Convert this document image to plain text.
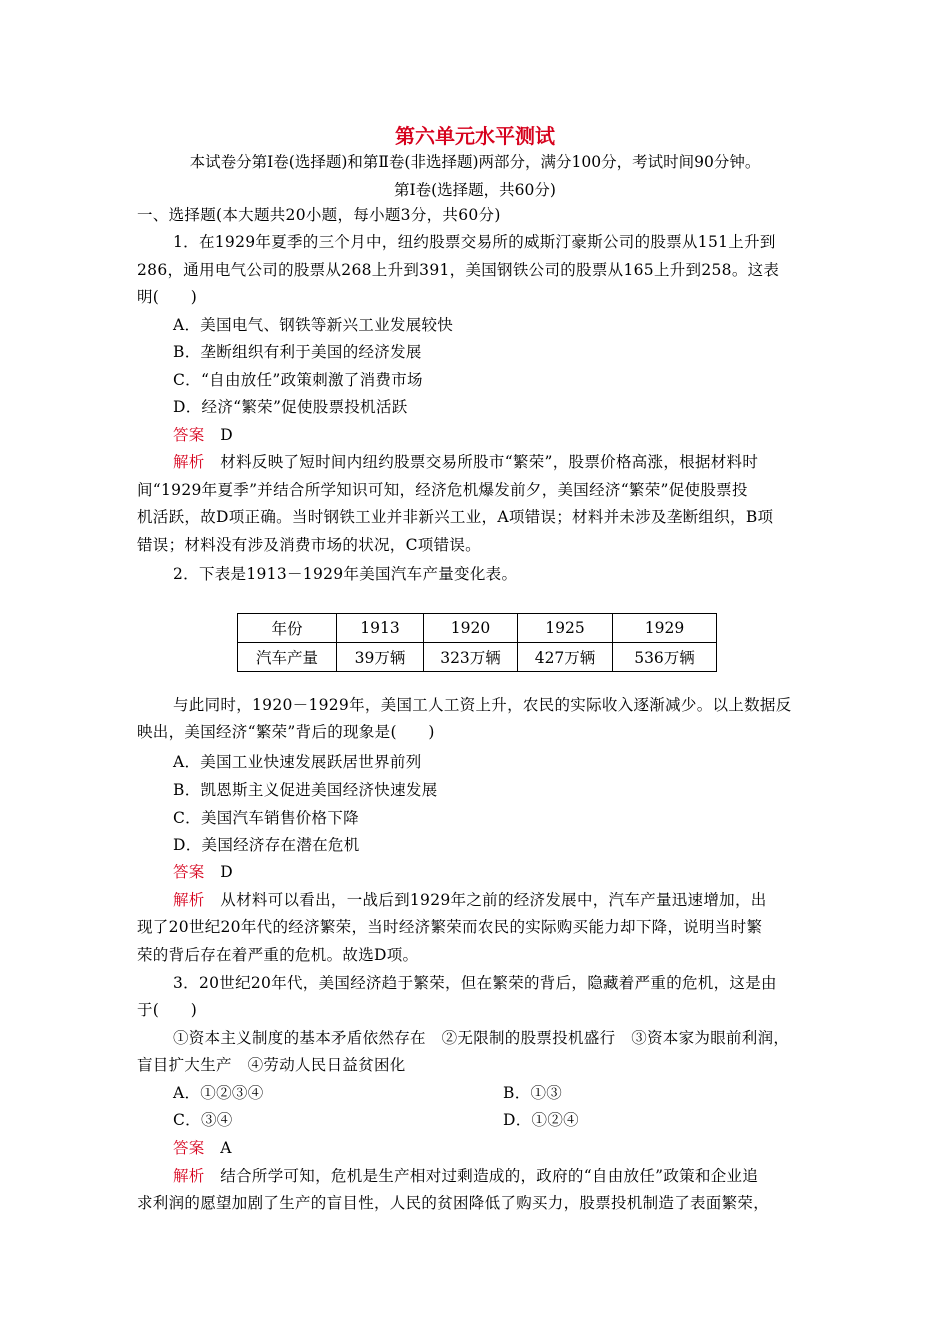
第六单元水平测试
本试卷分第Ⅰ卷(选择题)和第Ⅱ卷(非选择题)两部分，满分100分，考试时间90分钟。
第Ⅰ卷(选择题，共60分)
一、选择题(本大题共20小题，每小题3分，共60分)
1．在1929年夏季的三个月中，纽约股票交易所的威斯汀豪斯公司的股票从151上升到
286，通用电气公司的股票从268上升到391，美国钢铁公司的股票从165上升到258。这表
明(　　)
A．美国电气、钢铁等新兴工业发展较快
B．垄断组织有利于美国的经济发展
C．“自由放任”政策刺激了消费市场
D．经济“繁荣”促使股票投机活跃
答案 D
解析 材料反映了短时间内纽约股票交易所股市“繁荣”，股票价格高涨，根据材料时
间“1929年夏季”并结合所学知识可知，经济危机爆发前夕，美国经济“繁荣”促使股票投
机活跃，故D项正确。当时钢铁工业并非新兴工业，A项错误；材料并未涉及垄断组织，B项
错误；材料没有涉及消费市场的状况，C项错误。
2．下表是1913－1929年美国汽车产量变化表。
年份	1913	1920	1925	1929
汽车产量	39万辆	323万辆	427万辆	536万辆
与此同时，1920－1929年，美国工人工资上升，农民的实际收入逐渐减少。以上数据反
映出，美国经济“繁荣”背后的现象是(　　)
A．美国工业快速发展跃居世界前列
B．凯恩斯主义促进美国经济快速发展
C．美国汽车销售价格下降
D．美国经济存在潜在危机
答案 D
解析 从材料可以看出，一战后到1929年之前的经济发展中，汽车产量迅速增加，出
现了20世纪20年代的经济繁荣，当时经济繁荣而农民的实际购买能力却下降，说明当时繁
荣的背后存在着严重的危机。故选D项。
3．20世纪20年代，美国经济趋于繁荣，但在繁荣的背后，隐藏着严重的危机，这是由
于(　　)
①资本主义制度的基本矛盾依然存在　②无限制的股票投机盛行　③资本家为眼前利润，
盲目扩大生产　④劳动人民日益贫困化
A．①②③④	B．①③
C．③④	D．①②④
答案 A
解析 结合所学可知，危机是生产相对过剩造成的，政府的“自由放任”政策和企业追
求利润的愿望加剧了生产的盲目性，人民的贫困降低了购买力，股票投机制造了表面繁荣，
